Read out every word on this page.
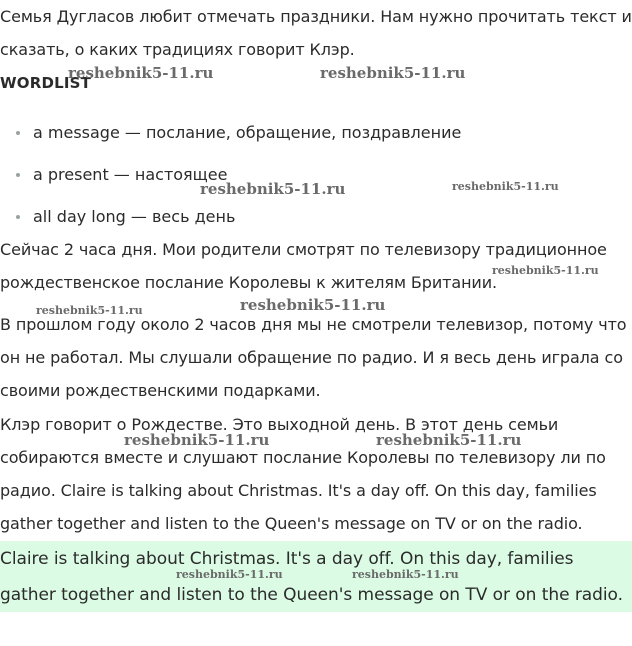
Семья Дугласов любит отмечать праздники. Нам нужно прочитать текст и сказать, о каких традициях говорит Клэр.

WORDLIST
a message — послание, обращение, поздравление
a present — настоящее
all day long — весь день

Сейчас 2 часа дня. Мои родители смотрят по телевизору традиционное рождественское послание Королевы к жителям Британии.

В прошлом году около 2 часов дня мы не смотрели телевизор, потому что он не работал. Мы слушали обращение по радио. И я весь день играла со своими рождественскими подарками.

Клэр говорит о Рождестве. Это выходной день. В этот день семьи собираются вместе и слушают послание Королевы по телевизору ли по радио. Claire is talking about Christmas. It's a day off. On this day, families gather together and listen to the Queen's message on TV or on the radio.

Claire is talking about Christmas. It's a day off. On this day, families gather together and listen to the Queen's message on TV or on the radio.

reshebnik5-11.ru	reshebnik5-11.ru
reshebnik5-11.ru	reshebnik5-11.ru
reshebnik5-11.ru
reshebnik5-11.ru	reshebnik5-11.ru
reshebnik5-11.ru	reshebnik5-11.ru
reshebnik5-11.ru	reshebnik5-11.ru
